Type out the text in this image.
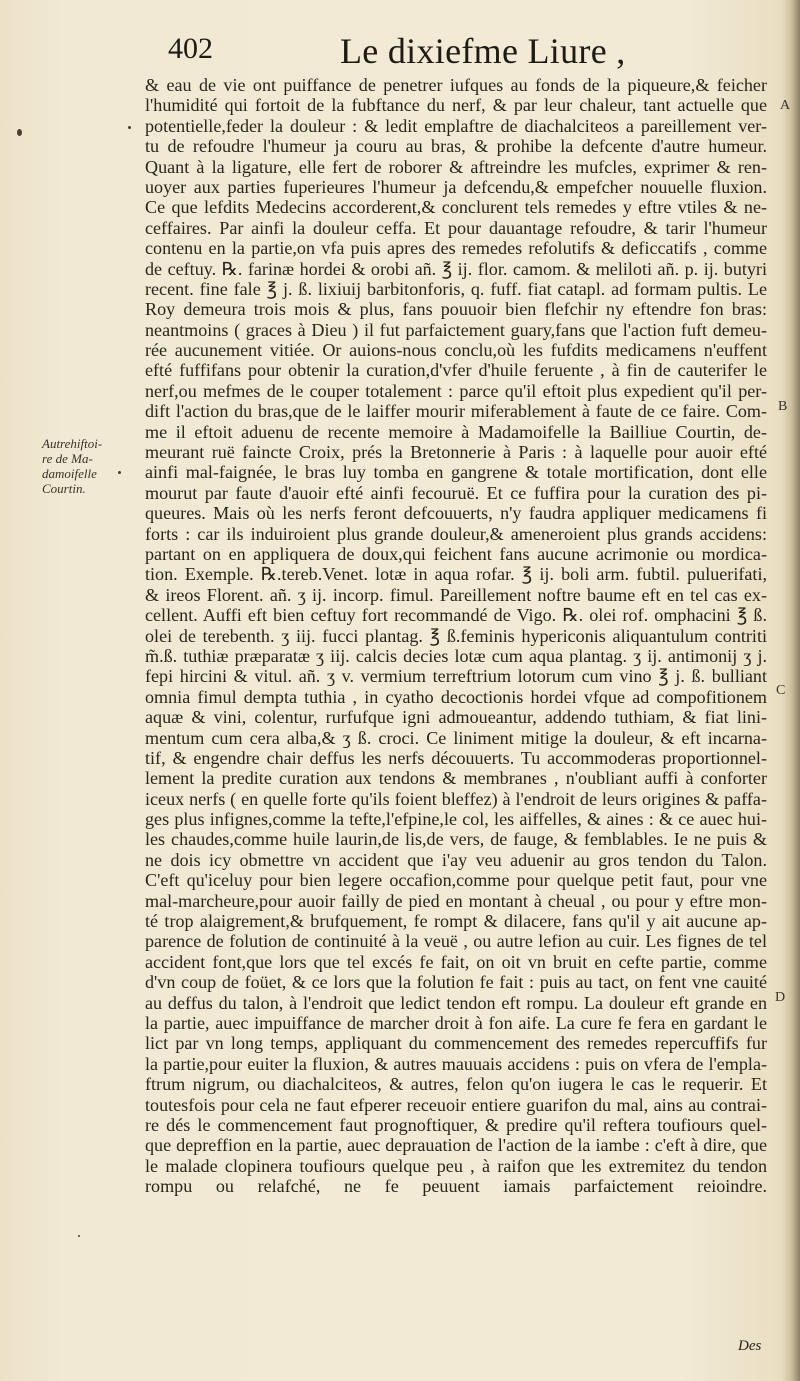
402	Le dixiefme Liure ,
Autrehiftoi-
re de Ma-
damoifelle
Courtin.
A
B
C
D
& eau de vie ont puiffance de penetrer iufques au fonds de la piqueure,& feicher
l'humidité qui fortoit de la fubftance du nerf, & par leur chaleur, tant actuelle que
potentielle,feder la douleur : & ledit emplaftre de diachalciteos a pareillement ver-
tu de refoudre l'humeur ja couru au bras, & prohibe la defcente d'autre humeur.
Quant à la ligature, elle fert de roborer & aftreindre les mufcles, exprimer & ren-
uoyer aux parties fuperieures l'humeur ja defcendu,& empefcher nouuelle fluxion.
Ce que lefdits Medecins accorderent,& conclurent tels remedes y eftre vtiles & ne-
ceffaires. Par ainfi la douleur ceffa. Et pour dauantage refoudre, & tarir l'humeur
contenu en la partie,on vfa puis apres des remedes refolutifs & deficcatifs , comme
de ceftuy. ℞. farinæ hordei & orobi añ. ℥ ij. flor. camom. & meliloti añ. p. ij. butyri
recent. fine fale ℥ j. ß. lixiuij barbitonforis, q. fuff. fiat catapl. ad formam pultis. Le
Roy demeura trois mois & plus, fans pouuoir bien flefchir ny eftendre fon bras:
neantmoins ( graces à Dieu ) il fut parfaictement guary,fans que l'action fuft demeu-
rée aucunement vitiée. Or auions-nous conclu,où les fufdits medicamens n'euffent
efté fuffifans pour obtenir la curation,d'vfer d'huile feruente , à fin de cauterifer le
nerf,ou mefmes de le couper totalement : parce qu'il eftoit plus expedient qu'il per-
dift l'action du bras,que de le laiffer mourir miferablement à faute de ce faire. Com-
me il eftoit aduenu de recente memoire à Madamoifelle la Bailliue Courtin, de-
meurant ruë faincte Croix, prés la Bretonnerie à Paris : à laquelle pour auoir efté
ainfi mal-faignée, le bras luy tomba en gangrene & totale mortification, dont elle
mourut par faute d'auoir efté ainfi fecouruë. Et ce fuffira pour la curation des pi-
queures. Mais où les nerfs feront defcouuerts, n'y faudra appliquer medicamens fi
forts : car ils induiroient plus grande douleur,& ameneroient plus grands accidens:
partant on en appliquera de doux,qui feichent fans aucune acrimonie ou mordica-
tion. Exemple. ℞.tereb.Venet. lotæ in aqua rofar. ℥ ij. boli arm. fubtil. puluerifati,
& ireos Florent. añ. ʒ ij. incorp. fimul. Pareillement noftre baume eft en tel cas ex-
cellent. Auffi eft bien ceftuy fort recommandé de Vigo. ℞. olei rof. omphacini ℥ ß.
olei de terebenth. ʒ iij. fucci plantag. ℥ ß.feminis hypericonis aliquantulum contriti
m̃.ß. tuthiæ præparatæ ʒ iij. calcis decies lotæ cum aqua plantag. ʒ ij. antimonij ʒ j.
fepi hircini & vitul. añ. ʒ v. vermium terreftrium lotorum cum vino ℥ j. ß. bulliant
omnia fimul dempta tuthia , in cyatho decoctionis hordei vfque ad compofitionem
aquæ & vini, colentur, rurfufque igni admoueantur, addendo tuthiam, & fiat lini-
mentum cum cera alba,& ʒ ß. croci. Ce liniment mitige la douleur, & eft incarna-
tif, & engendre chair deffus les nerfs découuerts. Tu accommoderas proportionnel-
lement la predite curation aux tendons & membranes , n'oubliant auffi à conforter
iceux nerfs ( en quelle forte qu'ils foient bleffez) à l'endroit de leurs origines & paffa-
ges plus infignes,comme la tefte,l'efpine,le col, les aiffelles, & aines : & ce auec hui-
les chaudes,comme huile laurin,de lis,de vers, de fauge, & femblables. Ie ne puis &
ne dois icy obmettre vn accident que i'ay veu aduenir au gros tendon du Talon.
C'eft qu'iceluy pour bien legere occafion,comme pour quelque petit faut, pour vne
mal-marcheure,pour auoir failly de pied en montant à cheual , ou pour y eftre mon-
té trop alaigrement,& brufquement, fe rompt & dilacere, fans qu'il y ait aucune ap-
parence de folution de continuité à la veuë , ou autre lefion au cuir. Les fignes de tel
accident font,que lors que tel excés fe fait, on oit vn bruit en cefte partie, comme
d'vn coup de foüet, & ce lors que la folution fe fait : puis au tact, on fent vne cauité
au deffus du talon, à l'endroit que ledict tendon eft rompu. La douleur eft grande en
la partie, auec impuiffance de marcher droit à fon aife. La cure fe fera en gardant le
lict par vn long temps, appliquant du commencement des remedes repercuffifs fur
la partie,pour euiter la fluxion, & autres mauuais accidens : puis on vfera de l'empla-
ftrum nigrum, ou diachalciteos, & autres, felon qu'on iugera le cas le requerir. Et
toutesfois pour cela ne faut efperer receuoir entiere guarifon du mal, ains au contrai-
re dés le commencement faut prognoftiquer, & predire qu'il reftera toufiours quel-
que depreffion en la partie, auec deprauation de l'action de la iambe : c'eft à dire, que
le malade clopinera toufiours quelque peu , à raifon que les extremitez du tendon
rompu ou relafché, ne fe peuuent iamais parfaictement reioindre.
Des
